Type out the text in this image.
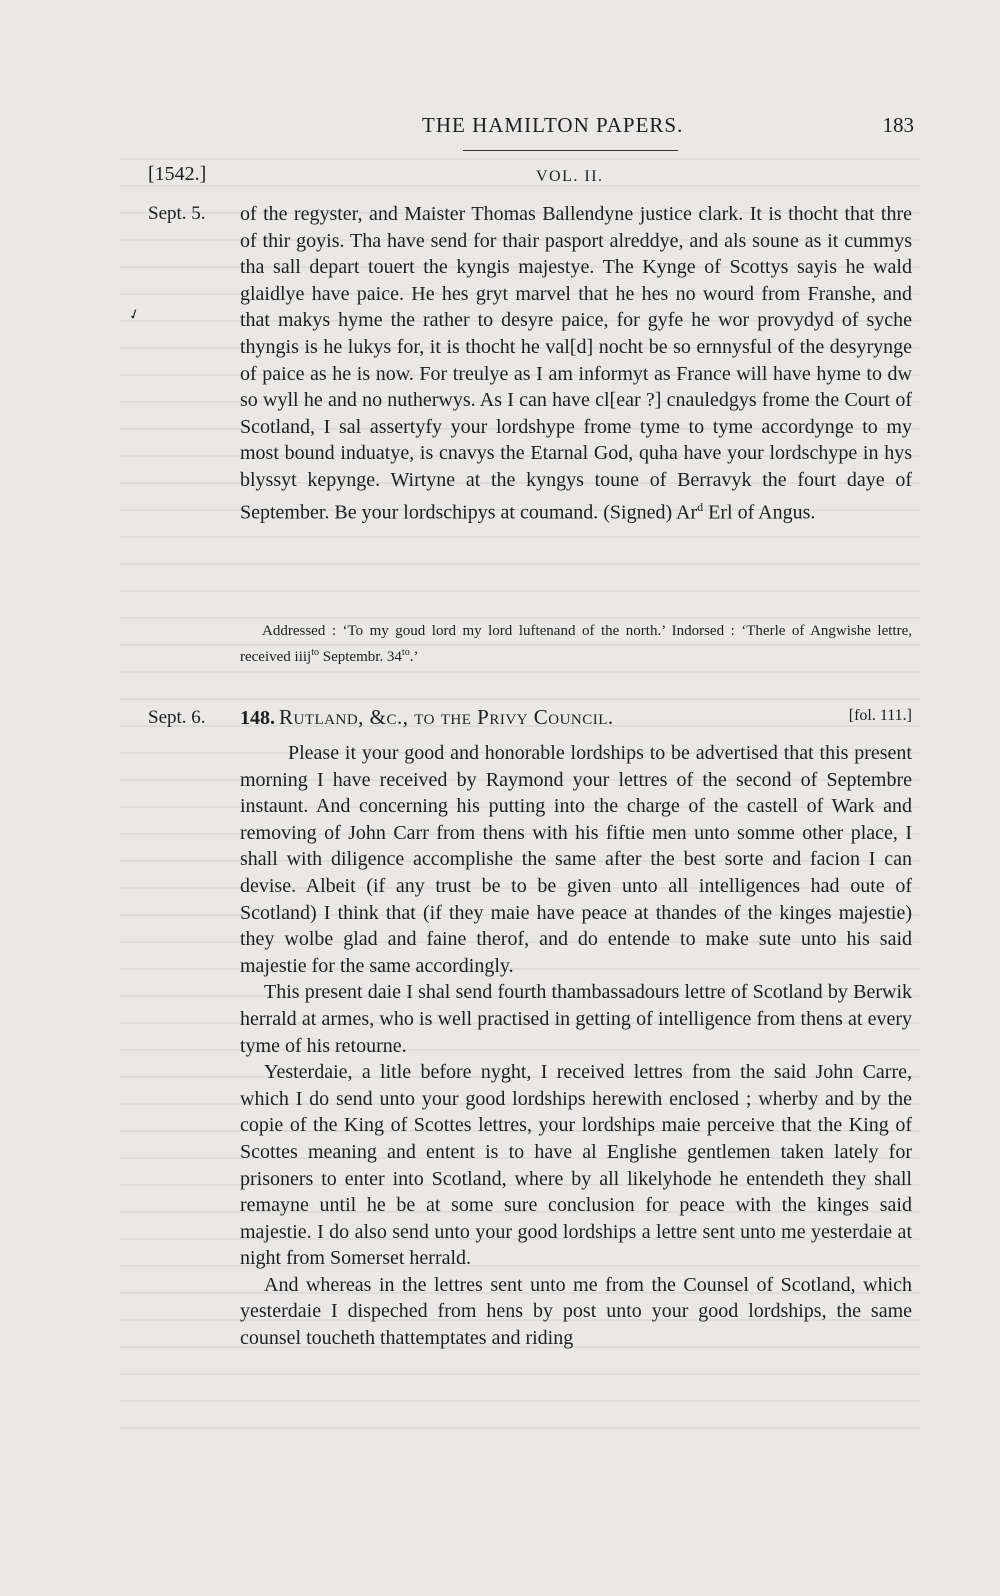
THE HAMILTON PAPERS.	183
[1542.]	VOL. II.
Sept. 5.
✓

of the regyster, and Maister Thomas Ballendyne justice clark. It is thocht that thre of thir goyis. Tha have send for thair pasport alreddye, and als soune as it cummys tha sall depart touert the kyngis majestye. The Kynge of Scottys sayis he wald glaidlye have paice. He hes gryt marvel that he hes no wourd from Franshe, and that makys hyme the rather to desyre paice, for gyfe he wor provydyd of syche thyngis is he lukys for, it is thocht he val[d] nocht be so ernnysful of the desyrynge of paice as he is now. For treulye as I am informyt as France will have hyme to dw so wyll he and no nutherwys. As I can have cl[ear ?] cnauledgys frome the Court of Scotland, I sal assertyfy your lordshype frome tyme to tyme accordynge to my most bound induatye, is cnavys the Etarnal God, quha have your lordschype in hys blyssyt kepynge. Wirtyne at the kyngys toune of Berravyk the fourt daye of September. Be your lordschipys at coumand. (Signed) Ar$^d$ Erl of Angus.

Addressed : ‘To my goud lord my lord luftenand of the north.’ Indorsed : ‘Therle of Angwishe lettre, received iiij$^{to}$ Septembr. $34^{to}$.’

Sept. 6. 148. Rutland, &c., to the Privy Council.	[fol. 111.]

Please it your good and honorable lordships to be advertised that this present morning I have received by Raymond your lettres of the second of Septembre instaunt. And concerning his putting into the charge of the castell of Wark and removing of John Carr from thens with his fiftie men unto somme other place, I shall with diligence accomplishe the same after the best sorte and facion I can devise. Albeit (if any trust be to be given unto all intelligences had oute of Scotland) I think that (if they maie have peace at thandes of the kinges majestie) they wolbe glad and faine therof, and do entende to make sute unto his said majestie for the same accordingly.

This present daie I shal send fourth thambassadours lettre of Scotland by Berwik herrald at armes, who is well practised in getting of intelligence from thens at every tyme of his retourne.

Yesterdaie, a litle before nyght, I received lettres from the said John Carre, which I do send unto your good lordships herewith enclosed ; wherby and by the copie of the King of Scottes lettres, your lordships maie perceive that the King of Scottes meaning and entent is to have al Englishe gentlemen taken lately for prisoners to enter into Scotland, where by all likelyhode he entendeth they shall remayne until he be at some sure conclusion for peace with the kinges said majestie. I do also send unto your good lordships a lettre sent unto me yesterdaie at night from Somerset herrald.

And whereas in the lettres sent unto me from the Counsel of Scotland, which yesterdaie I dispeched from hens by post unto your good lordships, the same counsel toucheth thattemptates and riding
